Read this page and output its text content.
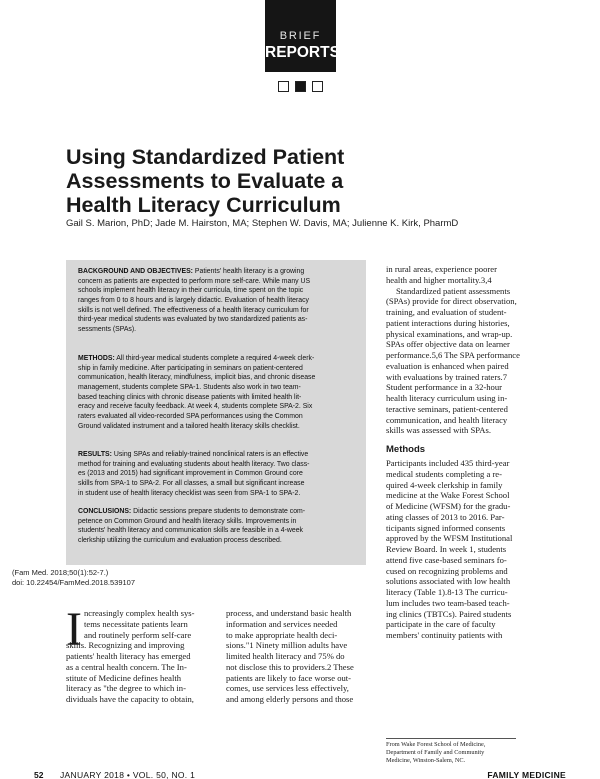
BRIEF
REPORTS
Using Standardized Patient
Assessments to Evaluate a
Health Literacy Curriculum
Gail S. Marion, PhD; Jade M. Hairston, MA; Stephen W. Davis, MA; Julienne K. Kirk, PharmD
BACKGROUND AND OBJECTIVES: Patients' health literacy is a growing
concern as patients are expected to perform more self-care. While many US
schools implement health literacy in their curricula, time spent on the topic
ranges from 0 to 8 hours and is largely didactic. Evaluation of health literacy
skills is not well defined. The effectiveness of a health literacy curriculum for
third-year medical students was evaluated by two standardized patients as-
sessments (SPAs).
METHODS: All third-year medical students complete a required 4-week clerk-
ship in family medicine. After participating in seminars on patient-centered
communication, health literacy, mindfulness, implicit bias, and chronic disease
management, students complete SPA-1. Students also work in two team-
based teaching clinics with chronic disease patients with limited health lit-
eracy and receive faculty feedback. At week 4, students complete SPA-2. Six
raters evaluated all video-recorded SPA performances using the Common
Ground validated instrument and a tailored health literacy skills checklist.
RESULTS: Using SPAs and reliably-trained nonclinical raters is an effective
method for training and evaluating students about health literacy. Two class-
es (2013 and 2015) had significant improvement in Common Ground core
skills from SPA-1 to SPA-2. For all classes, a small but significant increase
in student use of health literacy checklist was seen from SPA-1 to SPA-2.
CONCLUSIONS: Didactic sessions prepare students to demonstrate com-
petence on Common Ground and health literacy skills. Improvements in
students' health literacy and communication skills are feasible in a 4-week
clerkship utilizing the curriculum and evaluation process described.
(Fam Med. 2018;50(1):52-7.)
doi: 10.22454/FamMed.2018.539107
I ncreasingly complex health sys-
tems necessitate patients learn
and routinely perform self-care
skills. Recognizing and improving
patients' health literacy has emerged
as a central health concern. The In-
stitute of Medicine defines health
literacy as "the degree to which in-
dividuals have the capacity to obtain,
process, and understand basic health
information and services needed
to make appropriate health deci-
sions."1 Ninety million adults have
limited health literacy and 75% do
not disclose this to providers.2 These
patients are likely to face worse out-
comes, use services less effectively,
and among elderly persons and those
in rural areas, experience poorer
health and higher mortality.3,4
Standardized patient assessments
(SPAs) provide for direct observation,
training, and evaluation of student-
patient interactions during histories,
physical examinations, and wrap-up.
SPAs offer objective data on learner
performance.5,6 The SPA performance
evaluation is enhanced when paired
with evaluations by trained raters.7
Student performance in a 32-hour
health literacy curriculum using in-
teractive seminars, patient-centered
communication, and health literacy
skills was assessed with SPAs.
Methods
Participants included 435 third-year
medical students completing a re-
quired 4-week clerkship in family
medicine at the Wake Forest School
of Medicine (WFSM) for the gradu-
ating classes of 2013 to 2016. Par-
ticipants signed informed consents
approved by the WFSM Institutional
Review Board. In week 1, students
attend five case-based seminars fo-
cused on recognizing problems and
solutions associated with low health
literacy (Table 1).8-13 The curricu-
lum includes two team-based teach-
ing clinics (TBTCs). Paired students
participate in the care of faculty
members' continuity patients with
From Wake Forest School of Medicine,
Department of Family and Community
Medicine, Winston-Salem, NC.
52 JANUARY 2018 • VOL. 50, NO. 1	FAMILY MEDICINE
